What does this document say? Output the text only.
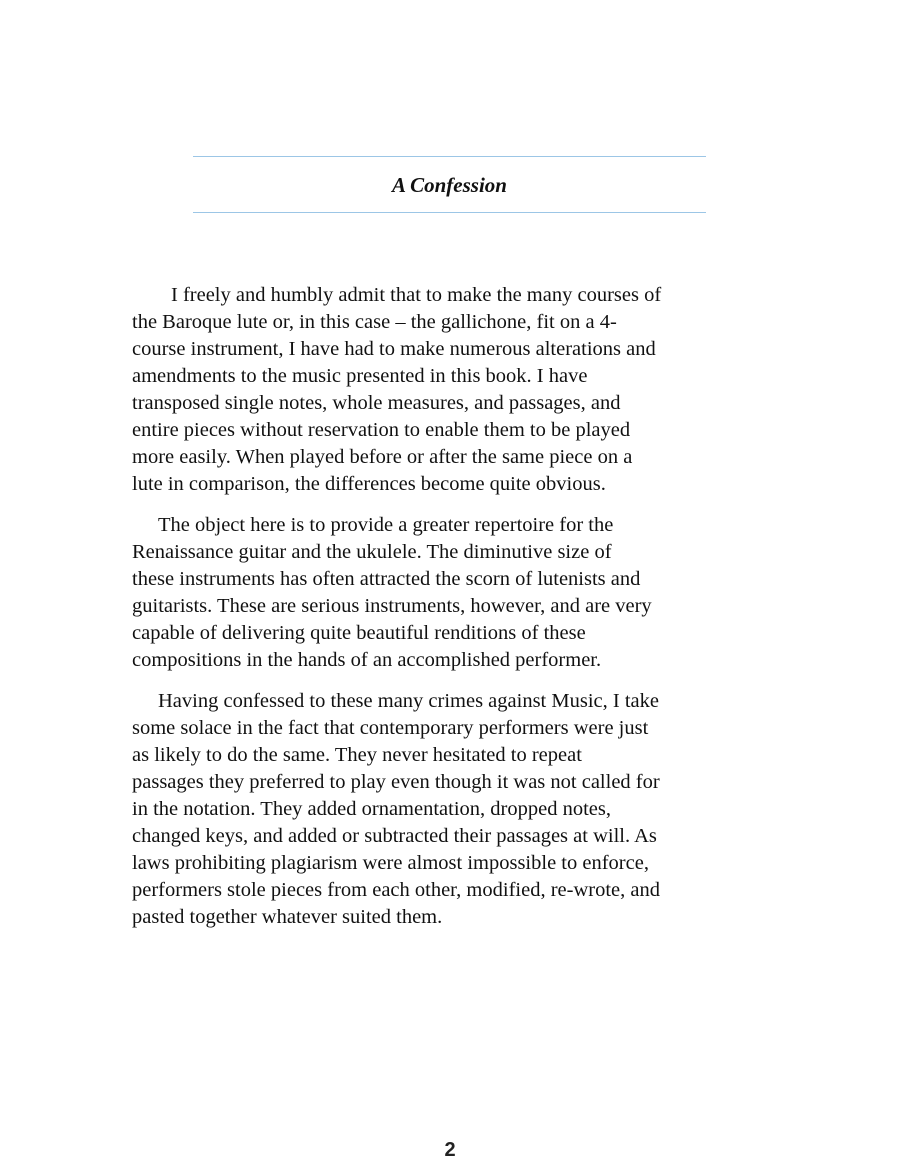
A Confession

I freely and humbly admit that to make the many courses of
the Baroque lute or, in this case – the gallichone, fit on a 4-
course instrument, I have had to make numerous alterations and
amendments to the music presented in this book. I have
transposed single notes, whole measures, and passages, and
entire pieces without reservation to enable them to be played
more easily. When played before or after the same piece on a
lute in comparison, the differences become quite obvious.

The object here is to provide a greater repertoire for the
Renaissance guitar and the ukulele. The diminutive size of
these instruments has often attracted the scorn of lutenists and
guitarists. These are serious instruments, however, and are very
capable of delivering quite beautiful renditions of these
compositions in the hands of an accomplished performer.

Having confessed to these many crimes against Music, I take
some solace in the fact that contemporary performers were just
as likely to do the same. They never hesitated to repeat
passages they preferred to play even though it was not called for
in the notation. They added ornamentation, dropped notes,
changed keys, and added or subtracted their passages at will. As
laws prohibiting plagiarism were almost impossible to enforce,
performers stole pieces from each other, modified, re-wrote, and
pasted together whatever suited them.

2
